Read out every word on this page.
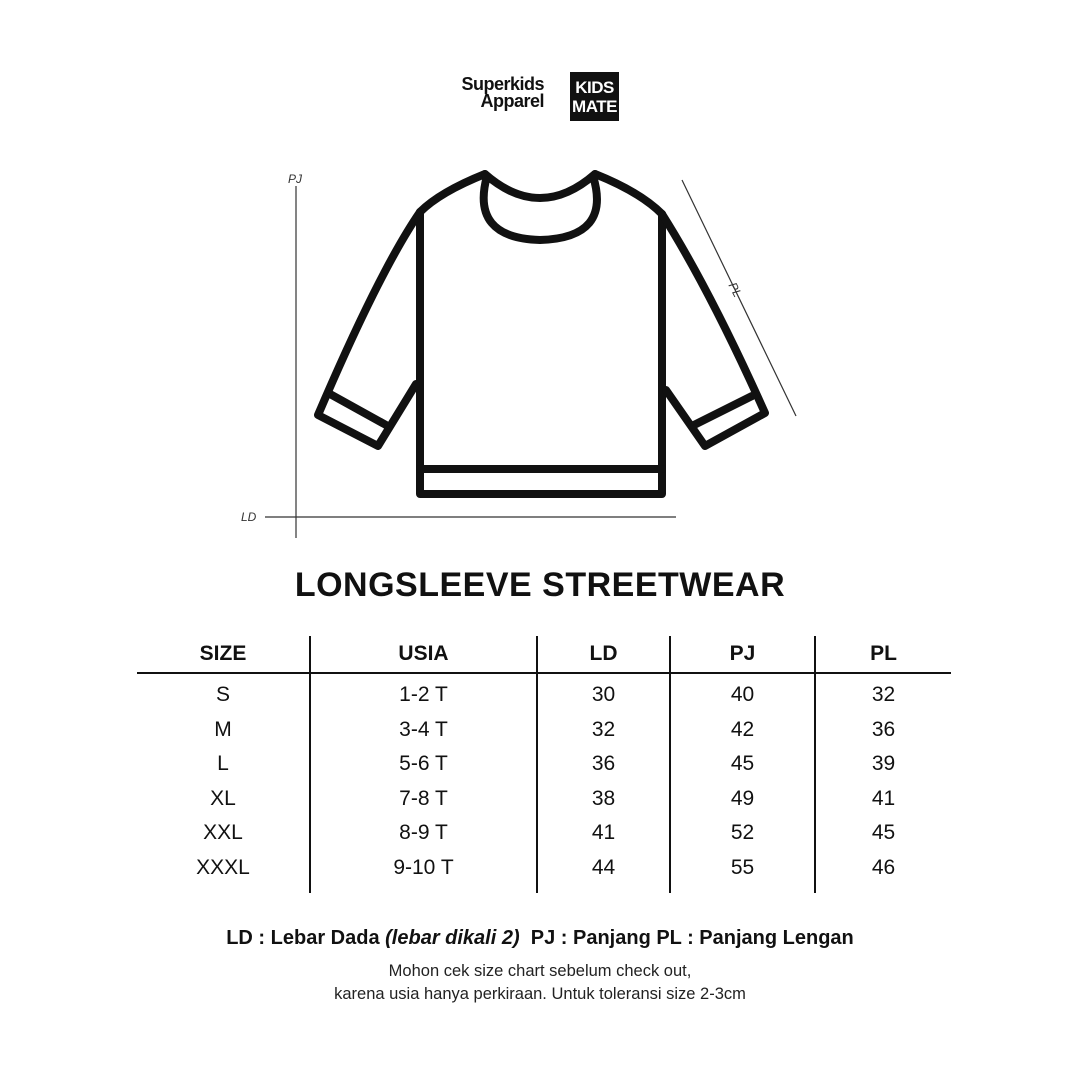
Superkids
Apparel
KIDS
MATE
PJ
LD
PL
LONGSLEEVE STREETWEAR
SIZE	USIA	LD	PJ	PL
S	1-2 T	30	40	32
M	3-4 T	32	42	36
L	5-6 T	36	45	39
XL	7-8 T	38	49	41
XXL	8-9 T	41	52	45
XXXL	9-10 T	44	55	46
LD : Lebar Dada (lebar dikali 2)  PJ : Panjang PL : Panjang Lengan
Mohon cek size chart sebelum check out,
karena usia hanya perkiraan. Untuk toleransi size 2-3cm
